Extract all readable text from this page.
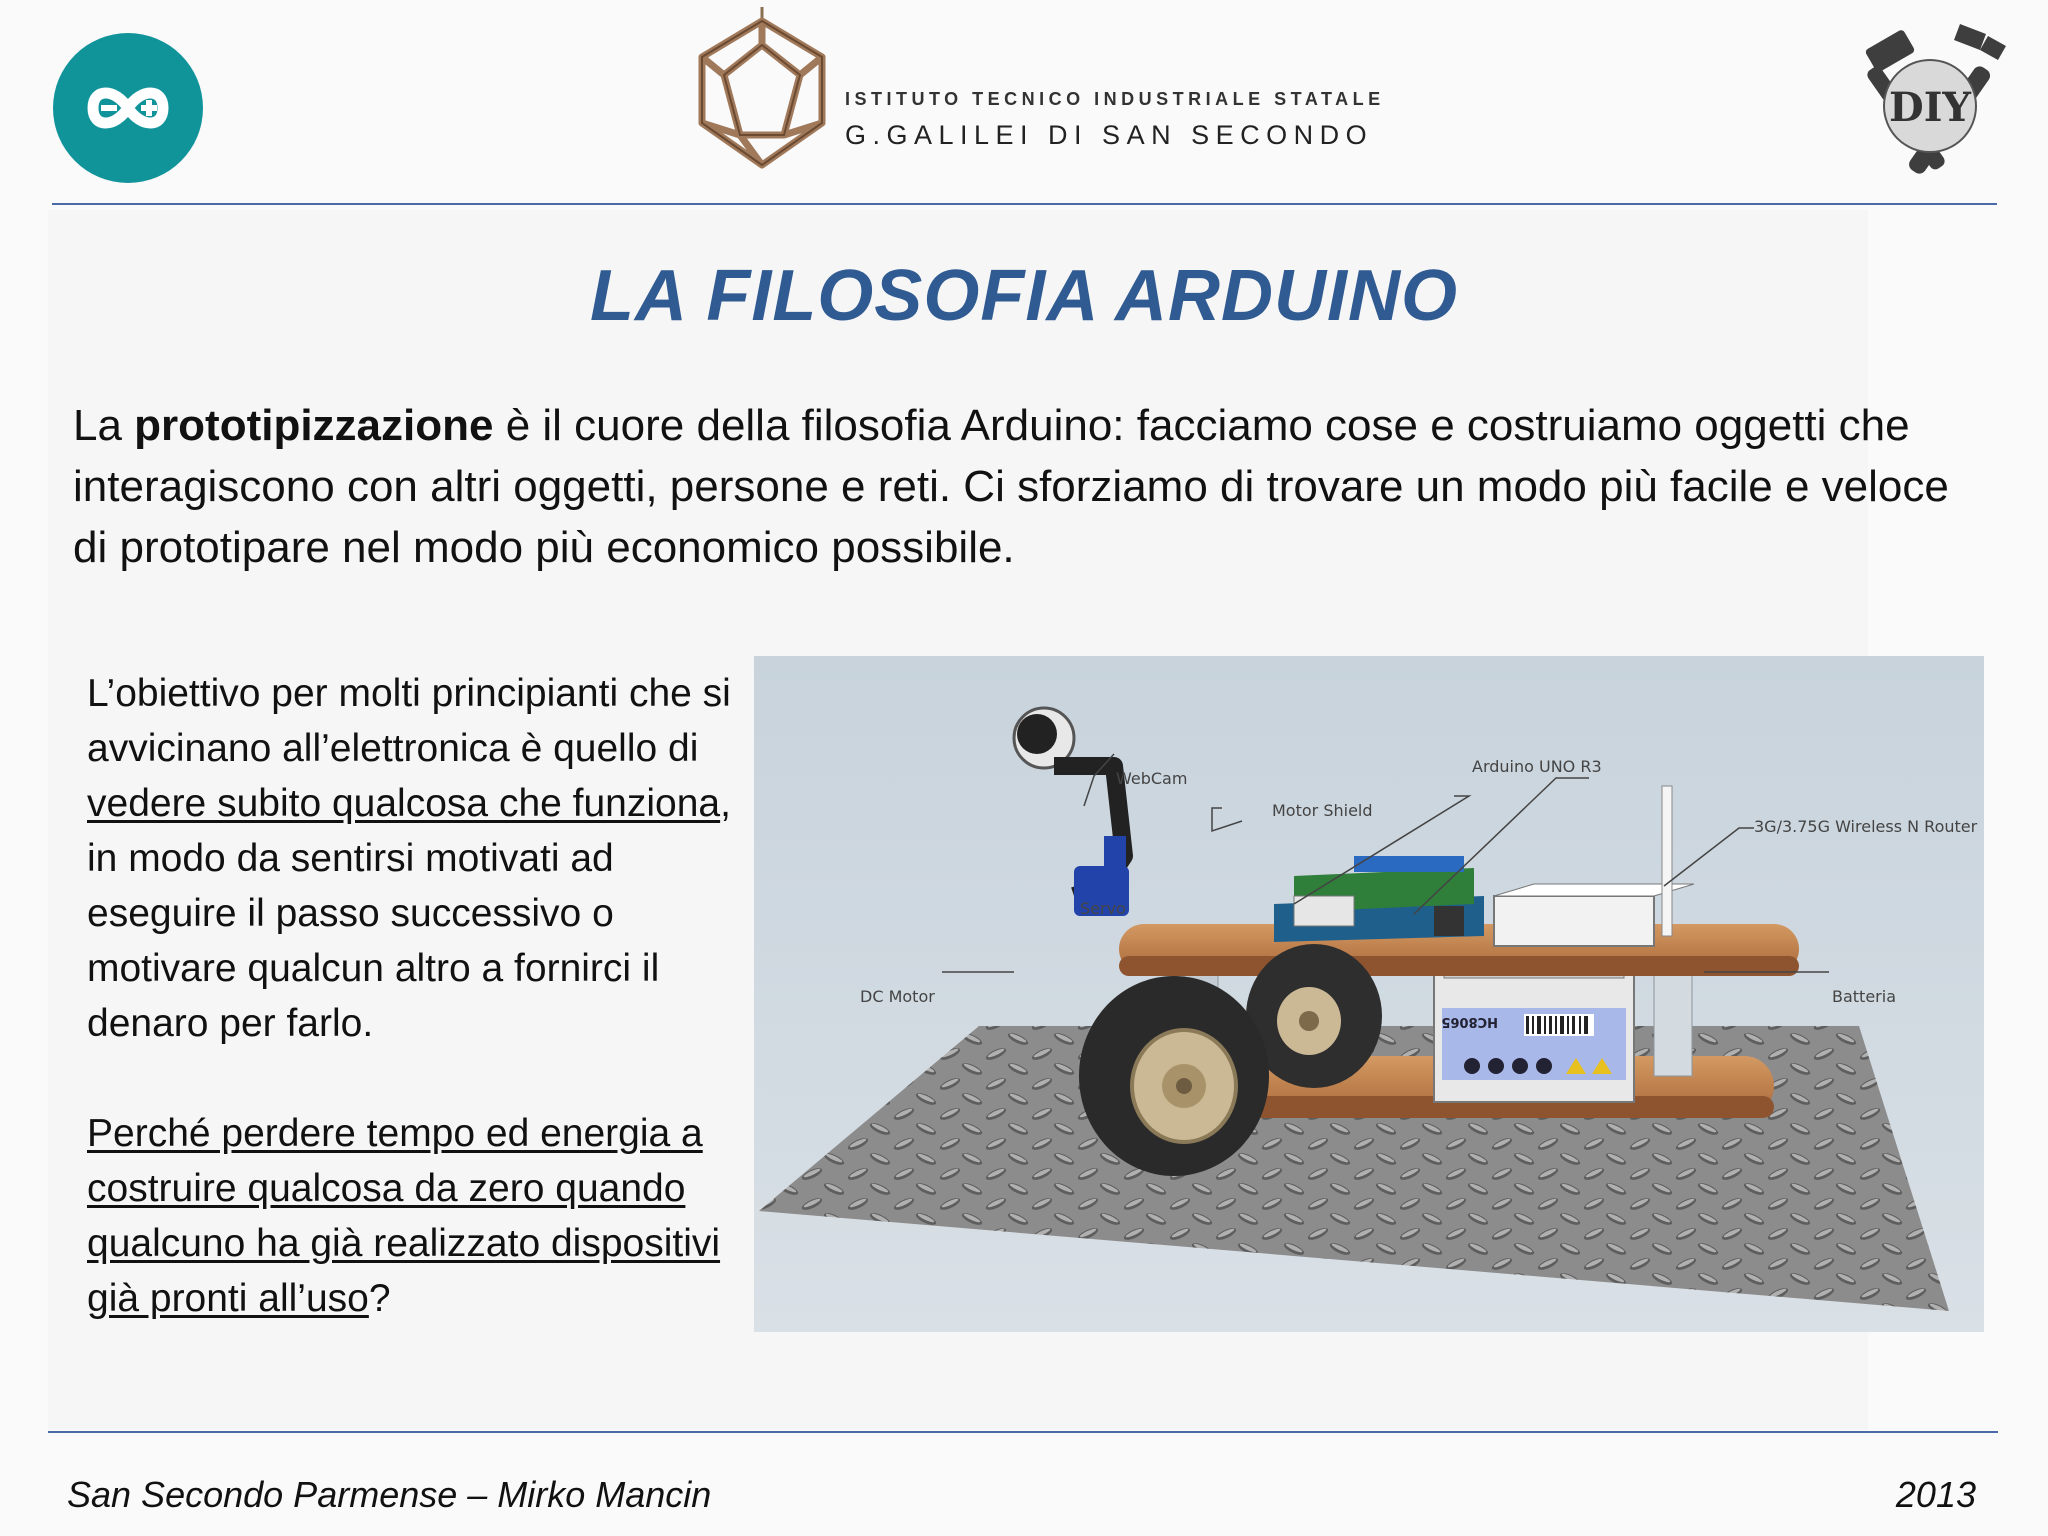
ISTITUTO TECNICO INDUSTRIALE STATALE
G.GALILEI DI SAN SECONDO
DIY
LA FILOSOFIA ARDUINO
La prototipizzazione è il cuore della filosofia Arduino: facciamo cose e costruiamo oggetti che interagiscono con altri oggetti, persone e reti. Ci sforziamo di trovare un modo più facile e veloce di prototipare nel modo più economico possibile.
L’obiettivo per molti principianti che si avvicinano all’elettronica è quello di vedere subito qualcosa che funziona, in modo da sentirsi motivati ad eseguire il passo successivo o motivare qualcun altro a fornirci il denaro per farlo.
Perché perdere tempo ed energia a costruire qualcosa da zero quando qualcuno ha già realizzato dispositivi già pronti all’uso?
HC8065
WebCam
Motor Shield
Arduino UNO R3
3G/3.75G Wireless N Router
Servo
DC Motor	Batteria
San Secondo Parmense – Mirko Mancin	2013
